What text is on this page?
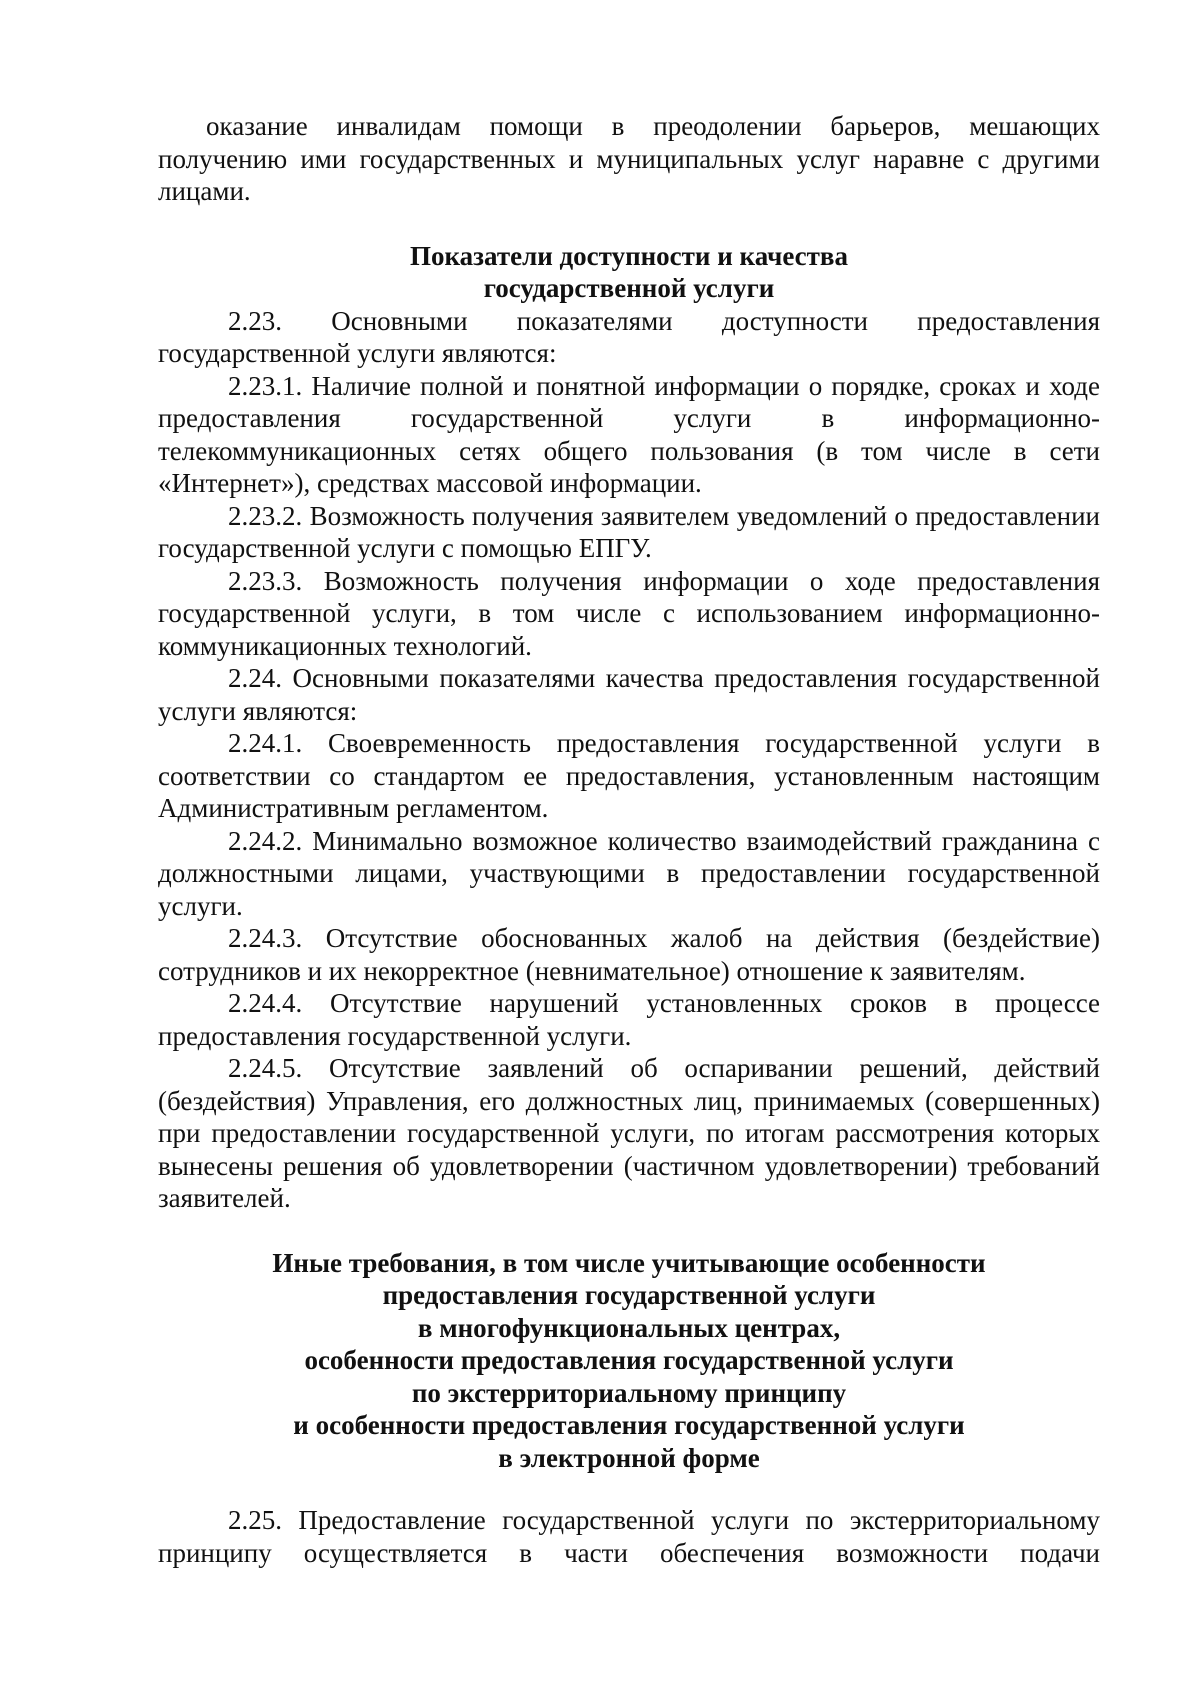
оказание инвалидам помощи в преодолении барьеров, мешающих получению ими государственных и муниципальных услуг наравне с другими лицами.

Показатели доступности и качества
государственной услуги

2.23. Основными показателями доступности предоставления государственной услуги являются:

2.23.1. Наличие полной и понятной информации о порядке, сроках и ходе предоставления государственной услуги в информационно-телекоммуникационных сетях общего пользования (в том числе в сети «Интернет»), средствах массовой информации.

2.23.2. Возможность получения заявителем уведомлений о предоставлении государственной услуги с помощью ЕПГУ.

2.23.3. Возможность получения информации о ходе предоставления государственной услуги, в том числе с использованием информационно-коммуникационных технологий.

2.24. Основными показателями качества предоставления государственной услуги являются:

2.24.1. Своевременность предоставления государственной услуги в соответствии со стандартом ее предоставления, установленным настоящим Административным регламентом.

2.24.2. Минимально возможное количество взаимодействий гражданина с должностными лицами, участвующими в предоставлении государственной услуги.

2.24.3. Отсутствие обоснованных жалоб на действия (бездействие) сотрудников и их некорректное (невнимательное) отношение к заявителям.

2.24.4. Отсутствие нарушений установленных сроков в процессе предоставления государственной услуги.

2.24.5. Отсутствие заявлений об оспаривании решений, действий (бездействия) Управления, его должностных лиц, принимаемых (совершенных) при предоставлении государственной услуги, по итогам рассмотрения которых вынесены решения об удовлетворении (частичном удовлетворении) требований заявителей.

Иные требования, в том числе учитывающие особенности
предоставления государственной услуги
в многофункциональных центрах,
особенности предоставления государственной услуги
по экстерриториальному принципу
и особенности предоставления государственной услуги
в электронной форме

2.25. Предоставление государственной услуги по экстерриториальному принципу осуществляется в части обеспечения возможности подачи
